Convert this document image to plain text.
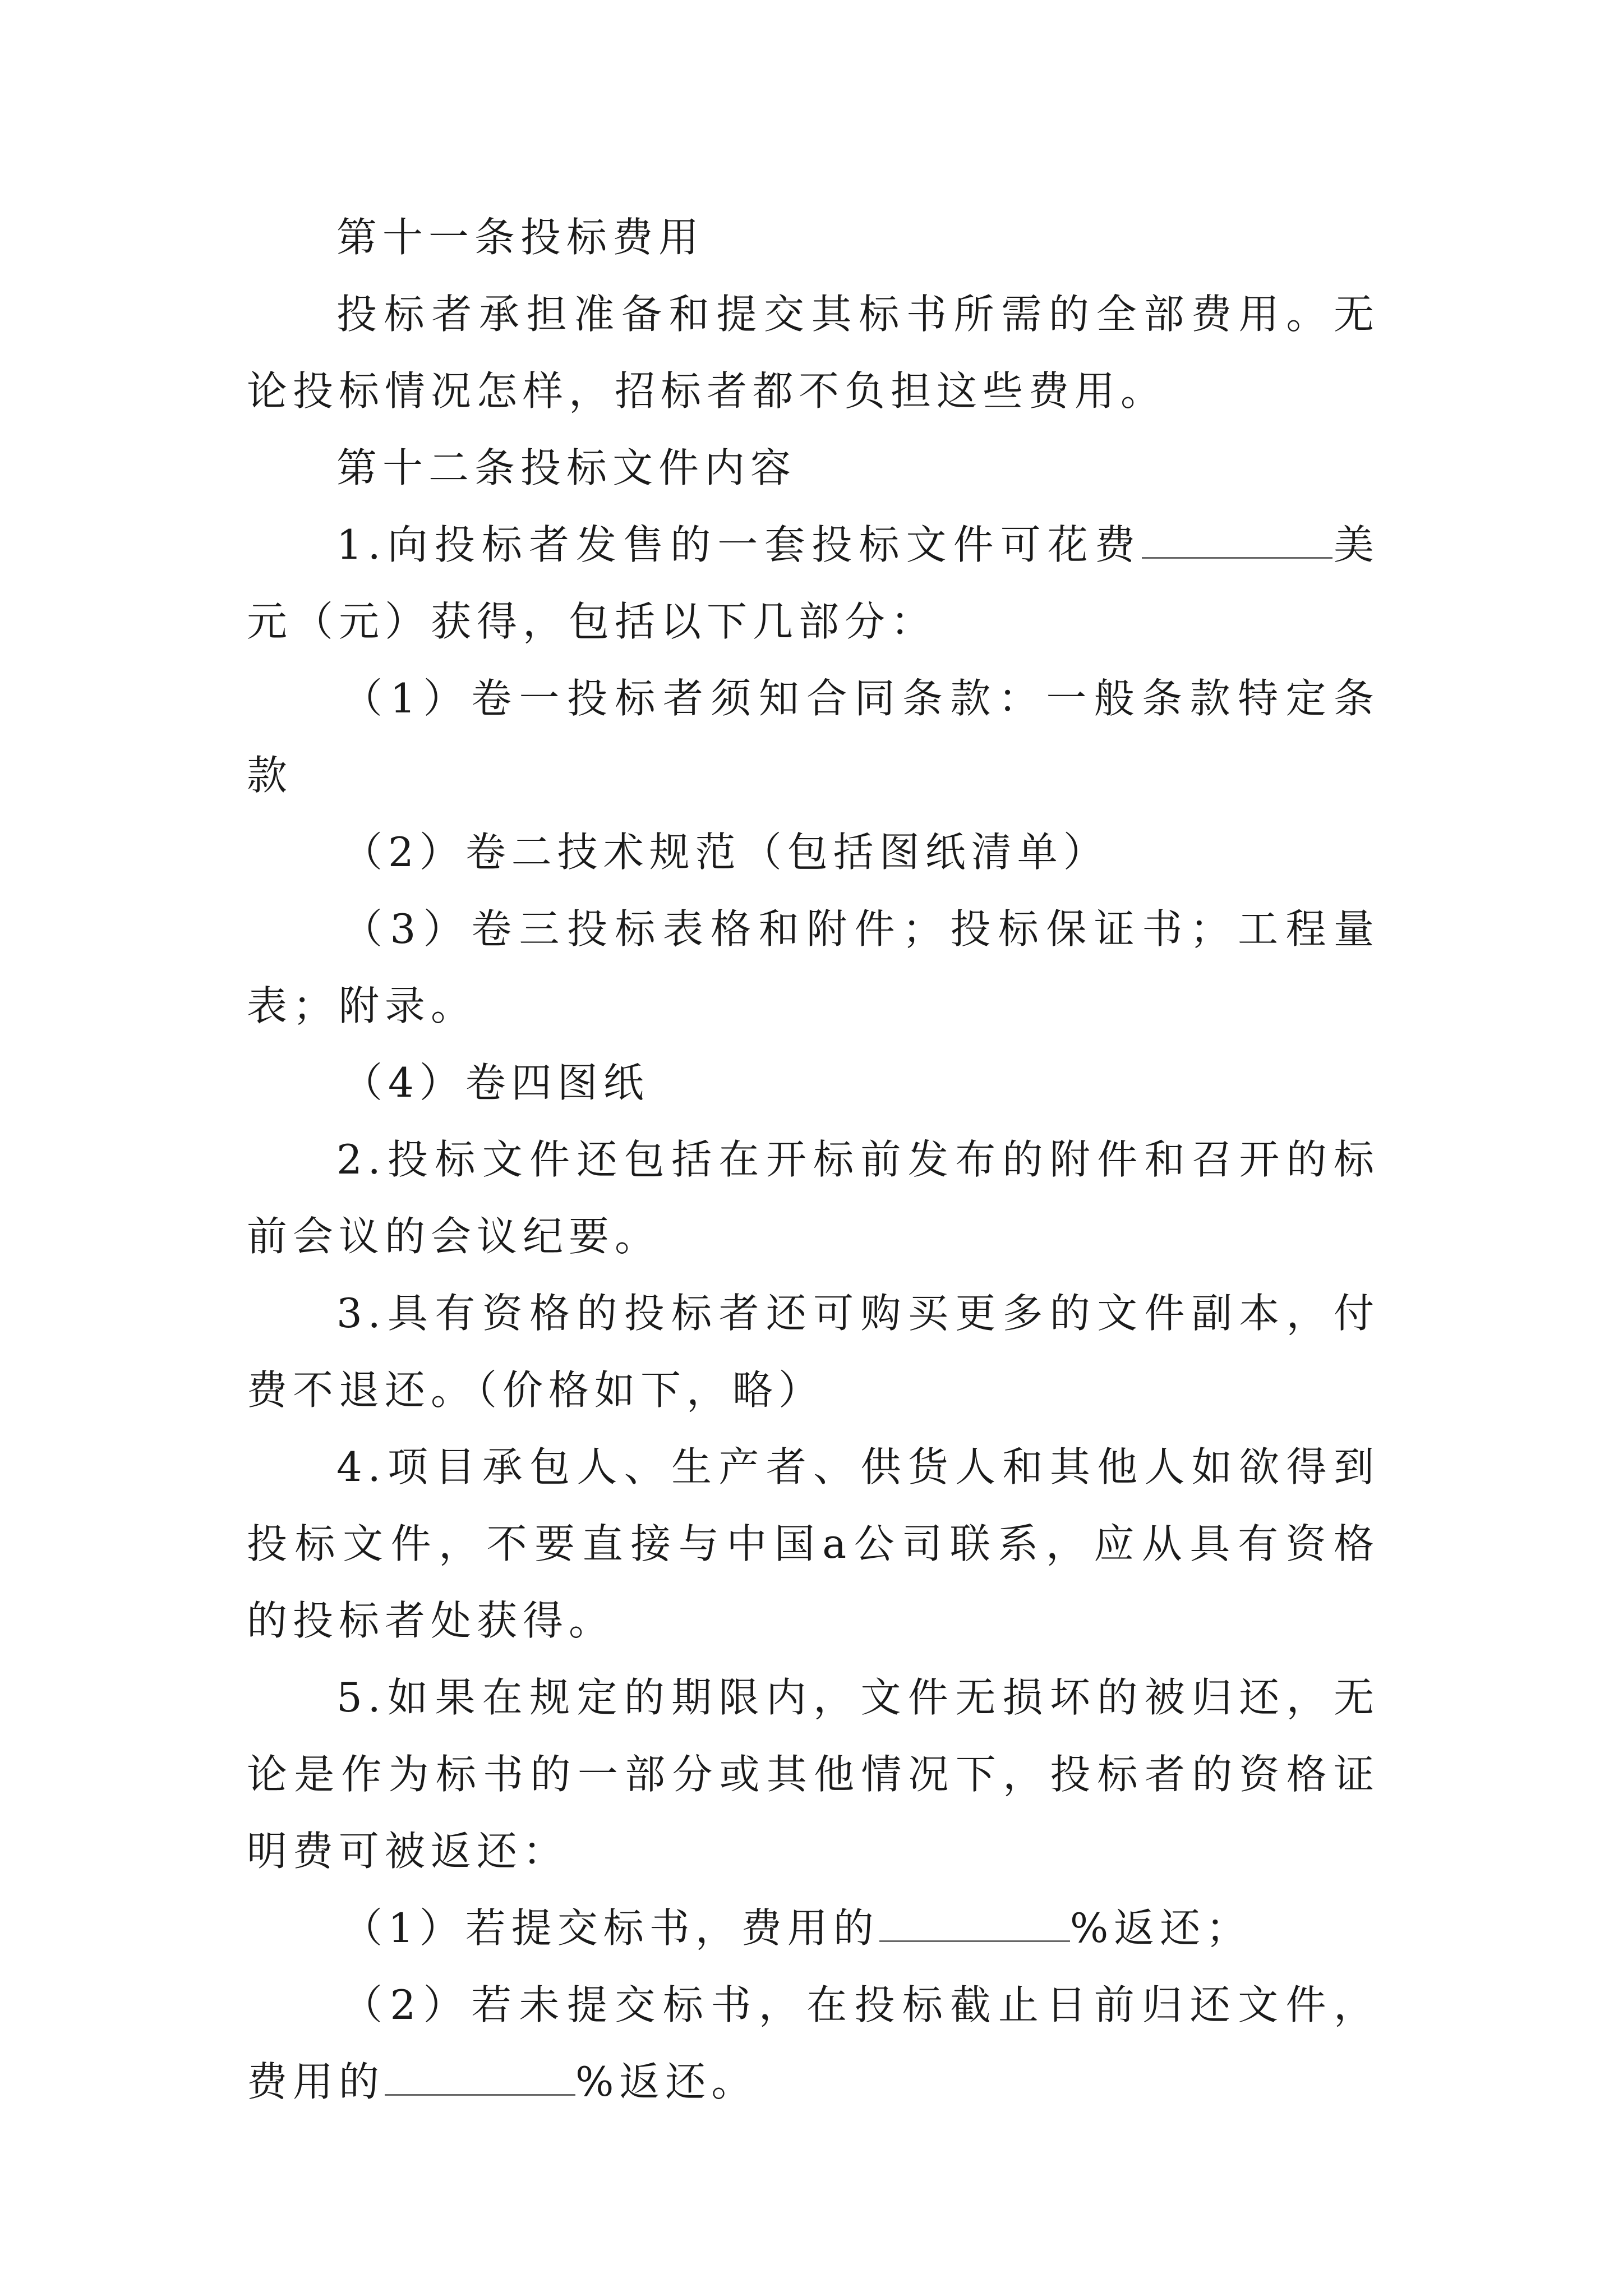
第十一条投标费用

投标者承担准备和提交其标书所需的全部费用。无论投标情况怎样，招标者都不负担这些费用。

第十二条投标文件内容

1.向投标者发售的一套投标文件可花费	美元（元）获得，包括以下几部分：

（1）卷一投标者须知合同条款：一般条款特定条款

（2）卷二技术规范（包括图纸清单）

（3）卷三投标表格和附件；投标保证书；工程量表；附录。

（4）卷四图纸

2.投标文件还包括在开标前发布的附件和召开的标前会议的会议纪要。

3.具有资格的投标者还可购买更多的文件副本，付费不退还。（价格如下，略）

4.项目承包人、生产者、供货人和其他人如欲得到投标文件，不要直接与中国a公司联系，应从具有资格的投标者处获得。

5.如果在规定的期限内，文件无损坏的被归还，无论是作为标书的一部分或其他情况下，投标者的资格证明费可被返还：

（1）若提交标书，费用的	%返还；

（2）若未提交标书，在投标截止日前归还文件，费用的	%返还。
